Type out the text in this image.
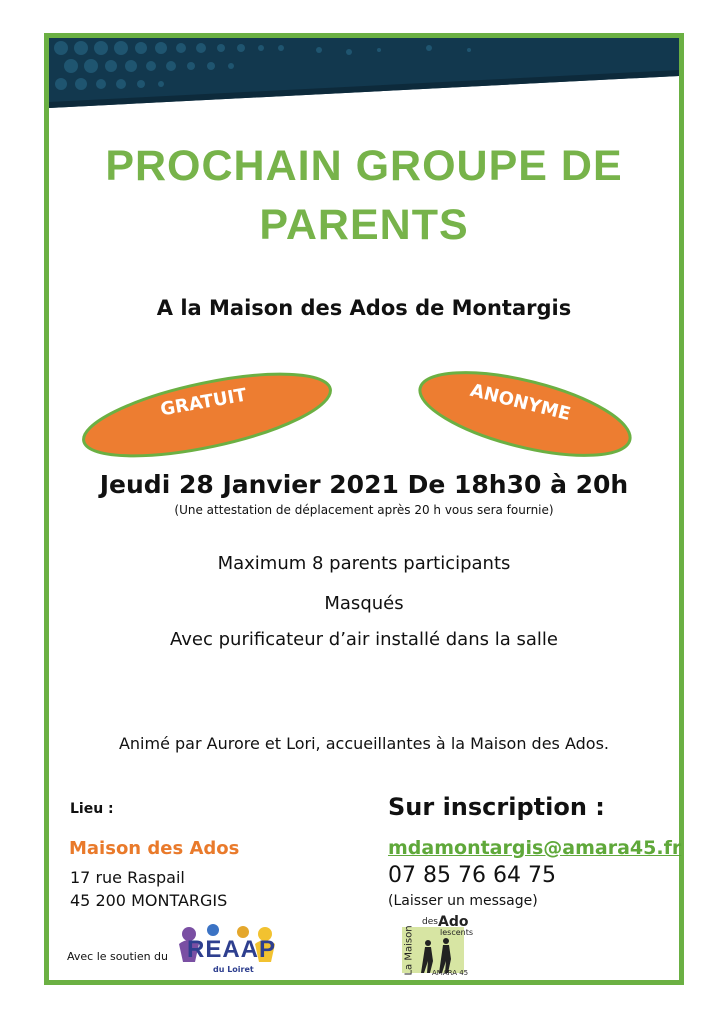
PROCHAIN GROUPE DE
PARENTS
A la Maison des Ados de Montargis
GRATUIT	ANONYME
Jeudi 28 Janvier 2021 De 18h30 à 20h
(Une attestation de déplacement après 20 h vous sera fournie)
Maximum 8 parents participants
Masqués
Avec purificateur d’air installé dans la salle
Animé par Aurore et Lori, accueillantes à la Maison des Ados.
Lieu :
Maison des Ados
17 rue Raspail
45 200 MONTARGIS
Sur inscription :
mdamontargis@amara45.fr
07 85 76 64 75
(Laisser un message)
Avec le soutien du REAAP
du Loiret	La Maison
des Ado
lescents
AMARA 45
